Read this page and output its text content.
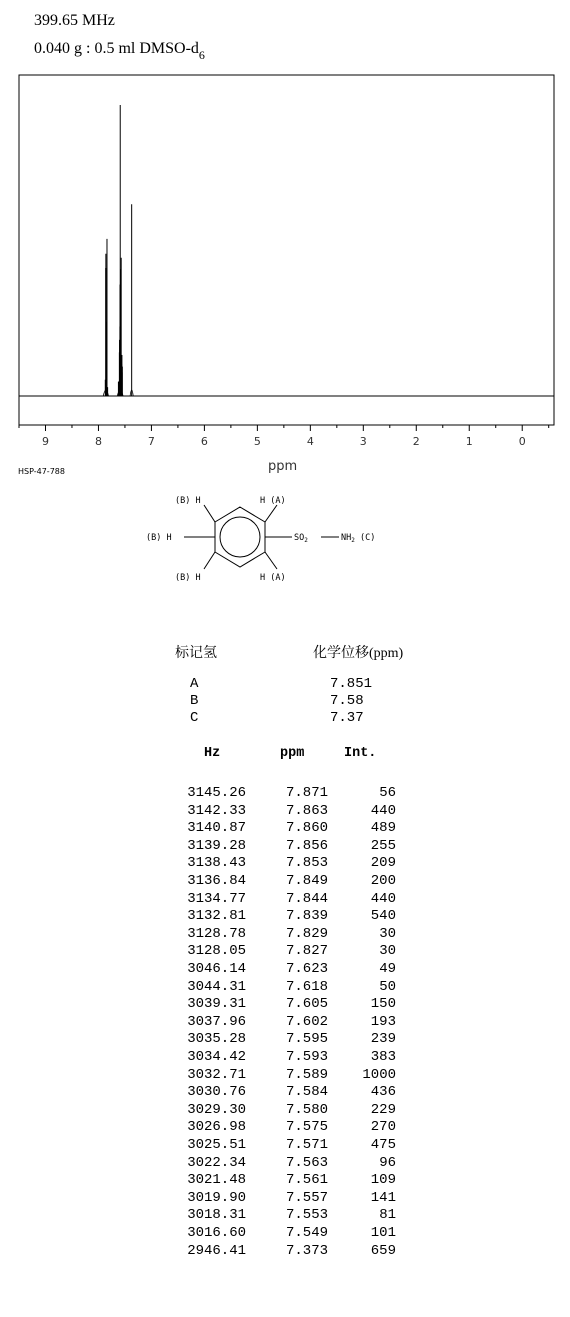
399.65 MHz
0.040 g : 0.5 ml DMSO-$d_6$
9	8	7	6	5	4	3	2	1	0
HSP-47-788	ppm
(B) H	H (A)
(B) H	$SO_2$	$NH_2$ (C)
(B) H	H (A)
标记氢	化学位移(ppm)
A	7.851
B	7.58
C	7.37
Hz	ppm	Int.
3145.26	7.871	56
3142.33	7.863	440
3140.87	7.860	489
3139.28	7.856	255
3138.43	7.853	209
3136.84	7.849	200
3134.77	7.844	440
3132.81	7.839	540
3128.78	7.829	30
3128.05	7.827	30
3046.14	7.623	49
3044.31	7.618	50
3039.31	7.605	150
3037.96	7.602	193
3035.28	7.595	239
3034.42	7.593	383
3032.71	7.589	1000
3030.76	7.584	436
3029.30	7.580	229
3026.98	7.575	270
3025.51	7.571	475
3022.34	7.563	96
3021.48	7.561	109
3019.90	7.557	141
3018.31	7.553	81
3016.60	7.549	101
2946.41	7.373	659
